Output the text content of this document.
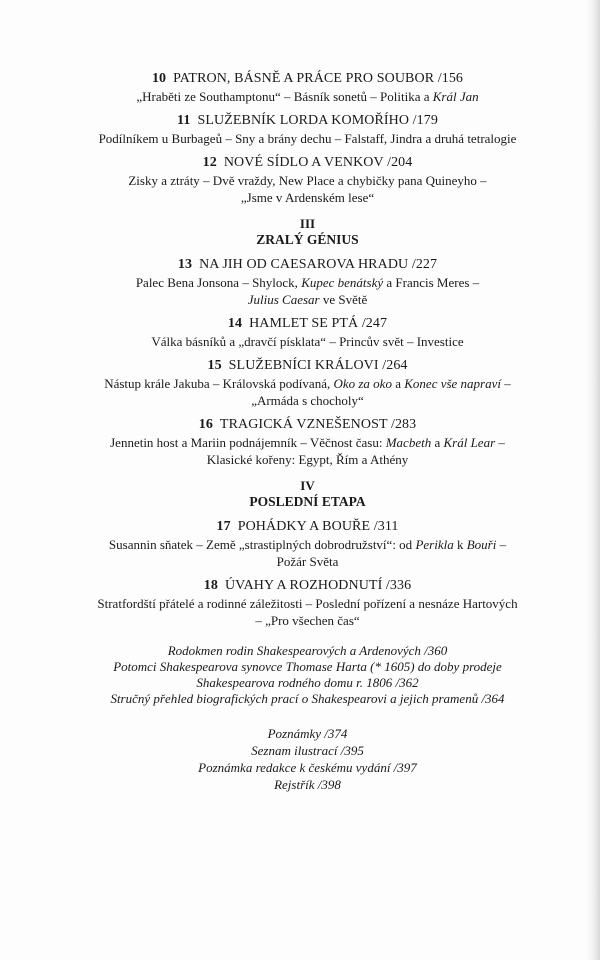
10 PATRON, BÁSNĚ A PRÁCE PRO SOUBOR /156
„Hraběti ze Southamptonu“ – Básník sonetů – Politika a Král Jan
11 SLUŽEBNÍK LORDA KOMOŘÍHO /179
Podílníkem u Burbageů – Sny a brány dechu – Falstaff, Jindra a druhá tetralogie
12 NOVÉ SÍDLO A VENKOV /204
Zisky a ztráty – Dvě vraždy, New Place a chybičky pana Quineyho –
„Jsme v Ardenském lese“
III
ZRALÝ GÉNIUS
13 NA JIH OD CAESAROVA HRADU /227
Palec Bena Jonsona – Shylock, Kupec benátský a Francis Meres –
Julius Caesar ve Světě
14 HAMLET SE PTÁ /247
Válka básníků a „dravčí písklata“ – Princův svět – Investice
15 SLUŽEBNÍCI KRÁLOVI /264
Nástup krále Jakuba – Královská podívaná, Oko za oko a Konec vše napraví –
„Armáda s chocholy“
16 TRAGICKÁ VZNEŠENOST /283
Jennetin host a Mariin podnájemník – Věčnost času: Macbeth a Král Lear –
Klasické kořeny: Egypt, Řím a Athény
IV
POSLEDNÍ ETAPA
17 POHÁDKY A BOUŘE /311
Susannin sňatek – Země „strastiplných dobrodružství“: od Perikla k Bouři –
Požár Světa
18 ÚVAHY A ROZHODNUTÍ /336
Stratfordští přátelé a rodinné záležitosti – Poslední pořízení a nesnáze Hartových
– „Pro všechen čas“
Rodokmen rodin Shakespearových a Ardenových /360
Potomci Shakespearova synovce Thomase Harta (* 1605) do doby prodeje
Shakespearova rodného domu r. 1806 /362
Stručný přehled biografických prací o Shakespearovi a jejich pramenů /364
Poznámky /374
Seznam ilustrací /395
Poznámka redakce k českému vydání /397
Rejstřík /398
